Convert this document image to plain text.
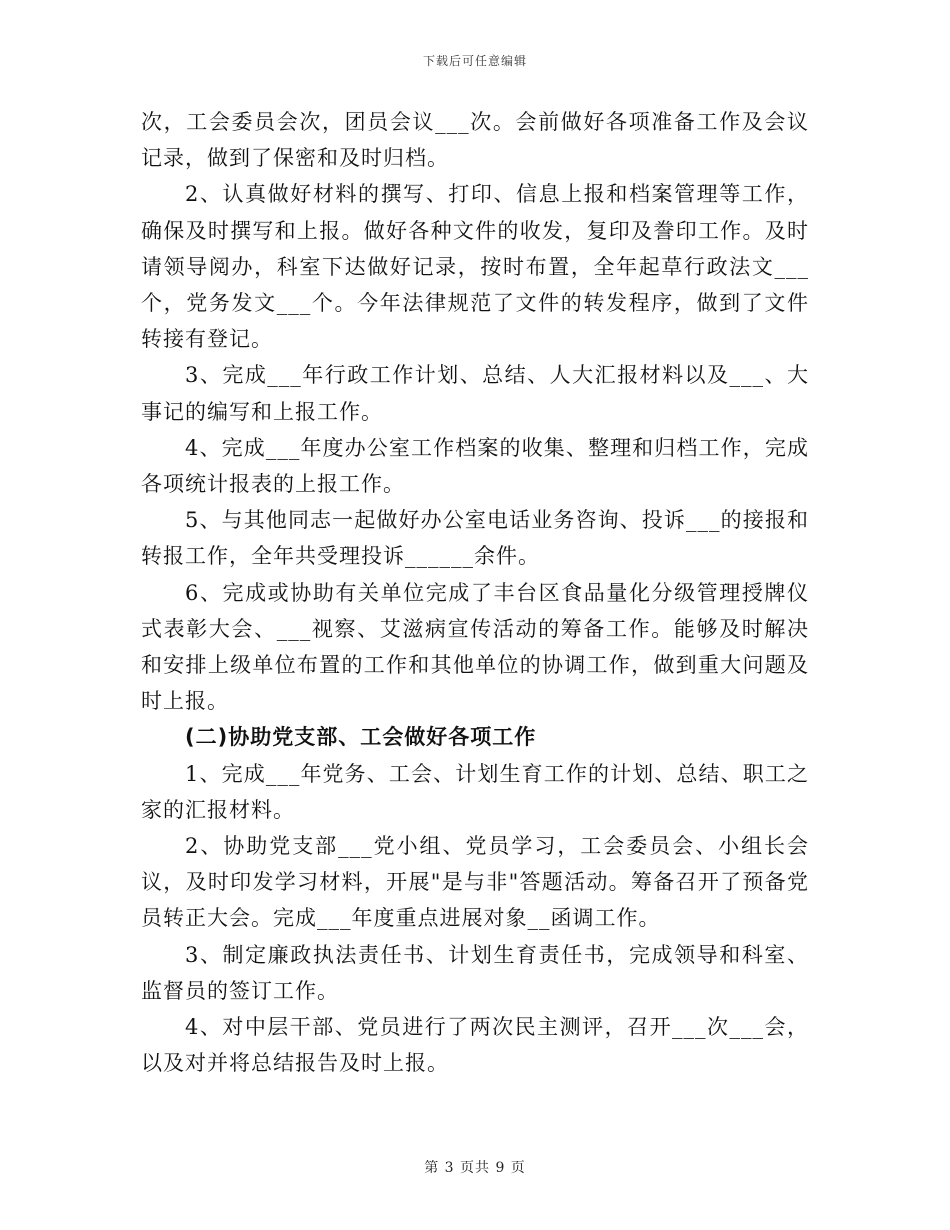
下载后可任意编辑

次，工会委员会次，团员会议___次。会前做好各项准备工作及会议记录，做到了保密和及时归档。

2、认真做好材料的撰写、打印、信息上报和档案管理等工作，确保及时撰写和上报。做好各种文件的收发，复印及誊印工作。及时请领导阅办，科室下达做好记录，按时布置，全年起草行政法文___个，党务发文___个。今年法律规范了文件的转发程序，做到了文件转接有登记。

3、完成___年行政工作计划、总结、人大汇报材料以及___、大事记的编写和上报工作。

4、完成___年度办公室工作档案的收集、整理和归档工作，完成各项统计报表的上报工作。

5、与其他同志一起做好办公室电话业务咨询、投诉___的接报和转报工作，全年共受理投诉______余件。

6、完成或协助有关单位完成了丰台区食品量化分级管理授牌仪式表彰大会、___视察、艾滋病宣传活动的筹备工作。能够及时解决和安排上级单位布置的工作和其他单位的协调工作，做到重大问题及时上报。

(二)协助党支部、工会做好各项工作

1、完成___年党务、工会、计划生育工作的计划、总结、职工之家的汇报材料。

2、协助党支部___党小组、党员学习，工会委员会、小组长会议，及时印发学习材料，开展"是与非"答题活动。筹备召开了预备党员转正大会。完成___年度重点进展对象__函调工作。

3、制定廉政执法责任书、计划生育责任书，完成领导和科室、监督员的签订工作。

4、对中层干部、党员进行了两次民主测评，召开___次___会，以及对并将总结报告及时上报。

第 3 页共 9 页
